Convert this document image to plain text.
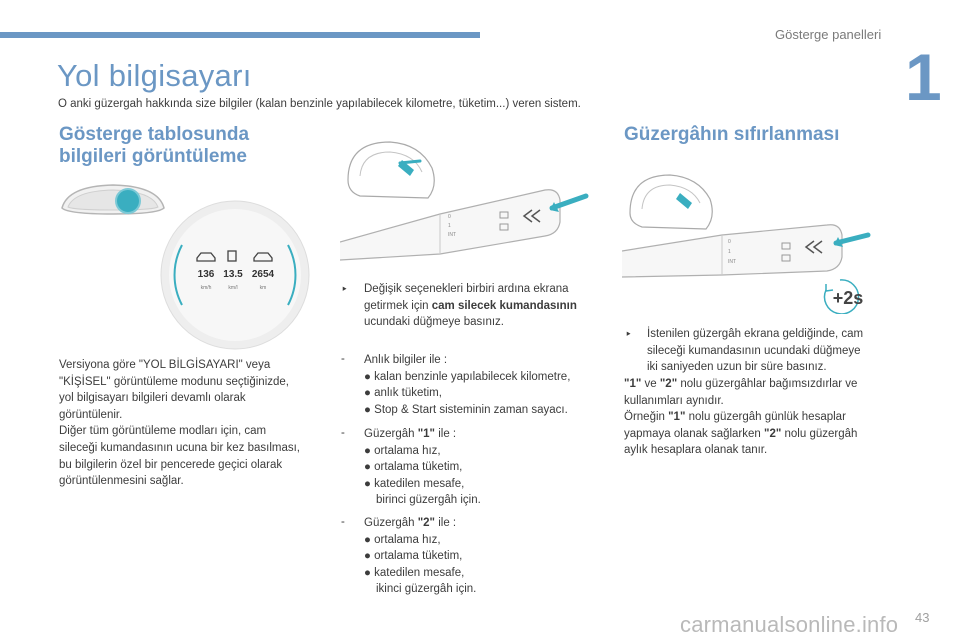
Gösterge panelleri
1
Yol bilgisayarı
O anki güzergah hakkında size bilgiler (kalan benzinle yapılabilecek kilometre, tüketim...) veren sistem.
Gösterge tablosunda
bilgileri görüntüleme
136 13.5 2654
km/h	km/l	km
Versiyona göre "YOL BİLGİSAYARI" veya
"KİŞİSEL" görüntüleme modunu seçtiğinizde,
yol bilgisayarı bilgileri devamlı olarak
görüntülenir.
Diğer tüm görüntüleme modları için, cam
sileceği kumandasının ucuna bir kez basılması,
bu bilgilerin özel bir pencerede geçici olarak
görüntülenmesini sağlar.
0
1
INT
‣ Değişik seçenekleri birbiri ardına ekrana
getirmek için cam silecek kumandasının
ucundaki düğmeye basınız.
- Anlık bilgiler ile :
● kalan benzinle yapılabilecek kilometre,
● anlık tüketim,
● Stop & Start sisteminin zaman sayacı.
- Güzergâh "1" ile :
● ortalama hız,
● ortalama tüketim,
● katedilen mesafe,
birinci güzergâh için.
- Güzergâh "2" ile :
● ortalama hız,
● ortalama tüketim,
● katedilen mesafe,
ikinci güzergâh için.
Güzergâhın sıfırlanması
0
1
INT
+2s
‣ İstenilen güzergâh ekrana geldiğinde, cam
sileceği kumandasının ucundaki düğmeye
iki saniyeden uzun bir süre basınız.
"1" ve "2" nolu güzergâhlar bağımsızdırlar ve
kullanımları aynıdır.
Örneğin "1" nolu güzergâh günlük hesaplar
yapmaya olanak sağlarken "2" nolu güzergâh
aylık hesaplara olanak tanır.
carmanualsonline.info 43
